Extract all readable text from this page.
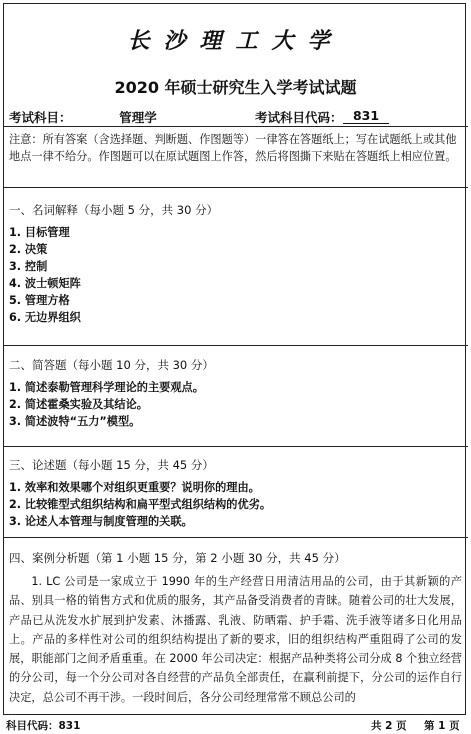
长沙理工大学
2020 年硕士研究生入学考试试题
考试科目：	管理学	考试科目代码： 831
注意：所有答案（含选择题、判断题、作图题等）一律答在答题纸上；写在试题纸上或其他地点一律不给分。作图题可以在原试题图上作答，然后将图撕下来贴在答题纸上相应位置。
一、名词解释（每小题 5 分，共 30 分）
1. 目标管理
2. 决策
3. 控制
4. 波士顿矩阵
5. 管理方格
6. 无边界组织
二、简答题（每小题 10 分，共 30 分）
1. 简述泰勒管理科学理论的主要观点。
2. 简述霍桑实验及其结论。
3. 简述波特“五力”模型。
三、论述题（每小题 15 分，共 45 分）
1. 效率和效果哪个对组织更重要？说明你的理由。
2. 比较锥型式组织结构和扁平型式组织结构的优劣。
3. 论述人本管理与制度管理的关联。
四、案例分析题（第 1 小题 15 分，第 2 小题 30 分，共 45 分）
1. LC 公司是一家成立于 1990 年的生产经营日用清洁用品的公司，由于其新颖的产品、别具一格的销售方式和优质的服务，其产品备受消费者的青睐。随着公司的壮大发展，产品已从洗发水扩展到护发素、沐播露、乳液、防晒霜、护手霜、洗手液等诸多日化用品上。产品的多样性对公司的组织结构提出了新的要求，旧的组织结构严重阻碍了公司的发展，职能部门之间矛盾重重。在 2000 年公司决定：根据产品种类将公司分成 8 个独立经营的分公司，每一个分公司对各自经营的产品负全部责任，在赢利前提下，分公司的运作自行决定，总公司不再干涉。一段时间后，各分公司经理常常不顾总公司的
科目代码：831	共 2 页 第 1 页
